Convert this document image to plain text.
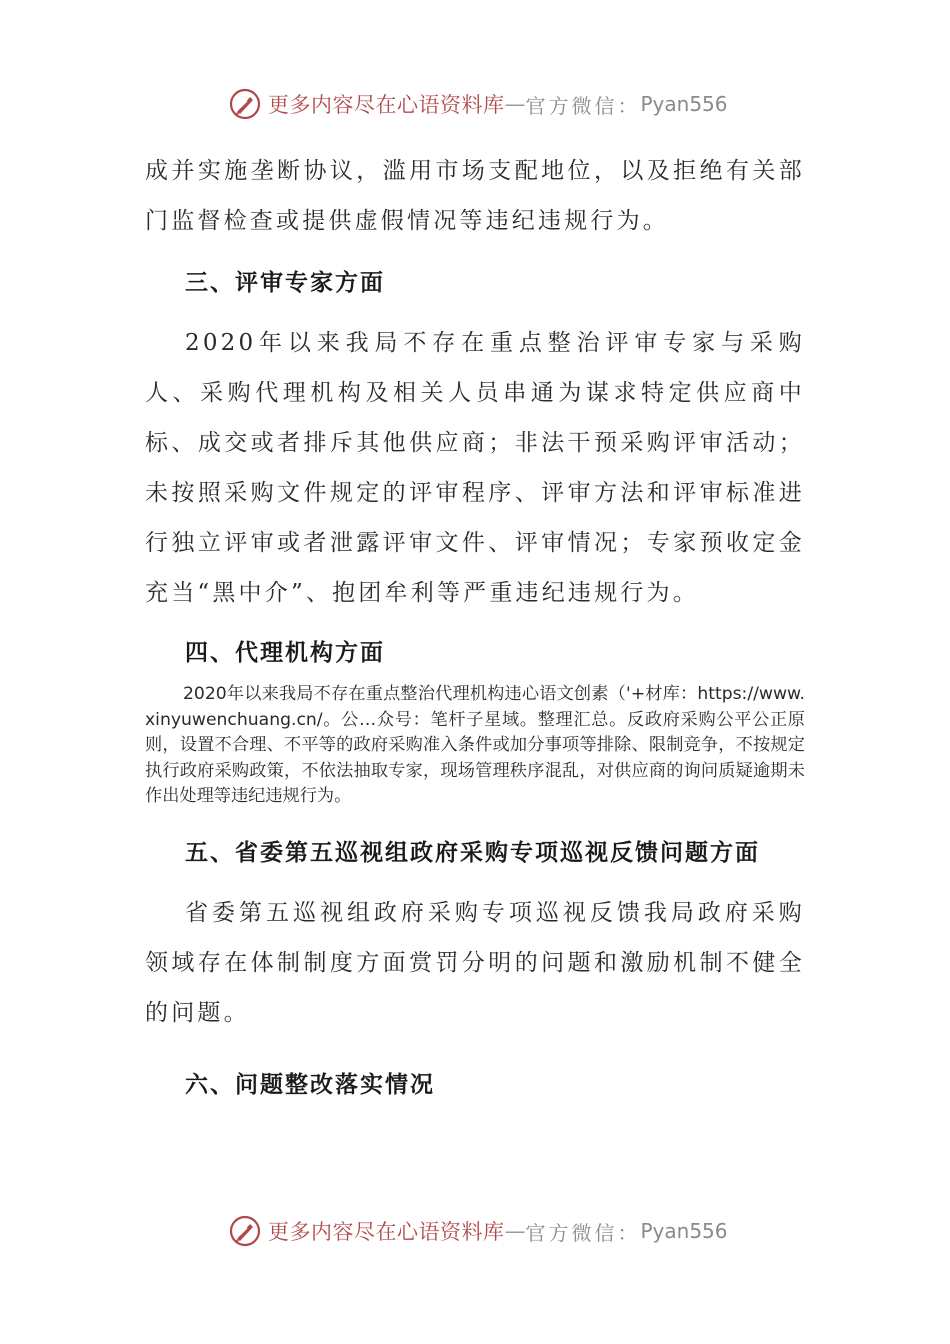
更多内容尽在心语资料库 — 官方微信： Pyan556

成并实施垄断协议，滥用市场支配地位，以及拒绝有关部门监督检查或提供虚假情况等违纪违规行为。

三、评审专家方面

2020年以来我局不存在重点整治评审专家与采购人、采购代理机构及相关人员串通为谋求特定供应商中标、成交或者排斥其他供应商；非法干预采购评审活动；未按照采购文件规定的评审程序、评审方法和评审标准进行独立评审或者泄露评审文件、评审情况；专家预收定金充当“黑中介”、抱团牟利等严重违纪违规行为。

四、代理机构方面

2020年以来我局不存在重点整治代理机构违心语文创素（'+材库：https://www.xinyuwenchuang.cn/。公…众号：笔杆子星域。整理汇总。反政府采购公平公正原则，设置不合理、不平等的政府采购准入条件或加分事项等排除、限制竞争，不按规定执行政府采购政策，不依法抽取专家，现场管理秩序混乱，对供应商的询问质疑逾期未作出处理等违纪违规行为。

五、省委第五巡视组政府采购专项巡视反馈问题方面

省委第五巡视组政府采购专项巡视反馈我局政府采购领域存在体制制度方面赏罚分明的问题和激励机制不健全的问题。

六、问题整改落实情况
更多内容尽在心语资料库 — 官方微信： Pyan556
